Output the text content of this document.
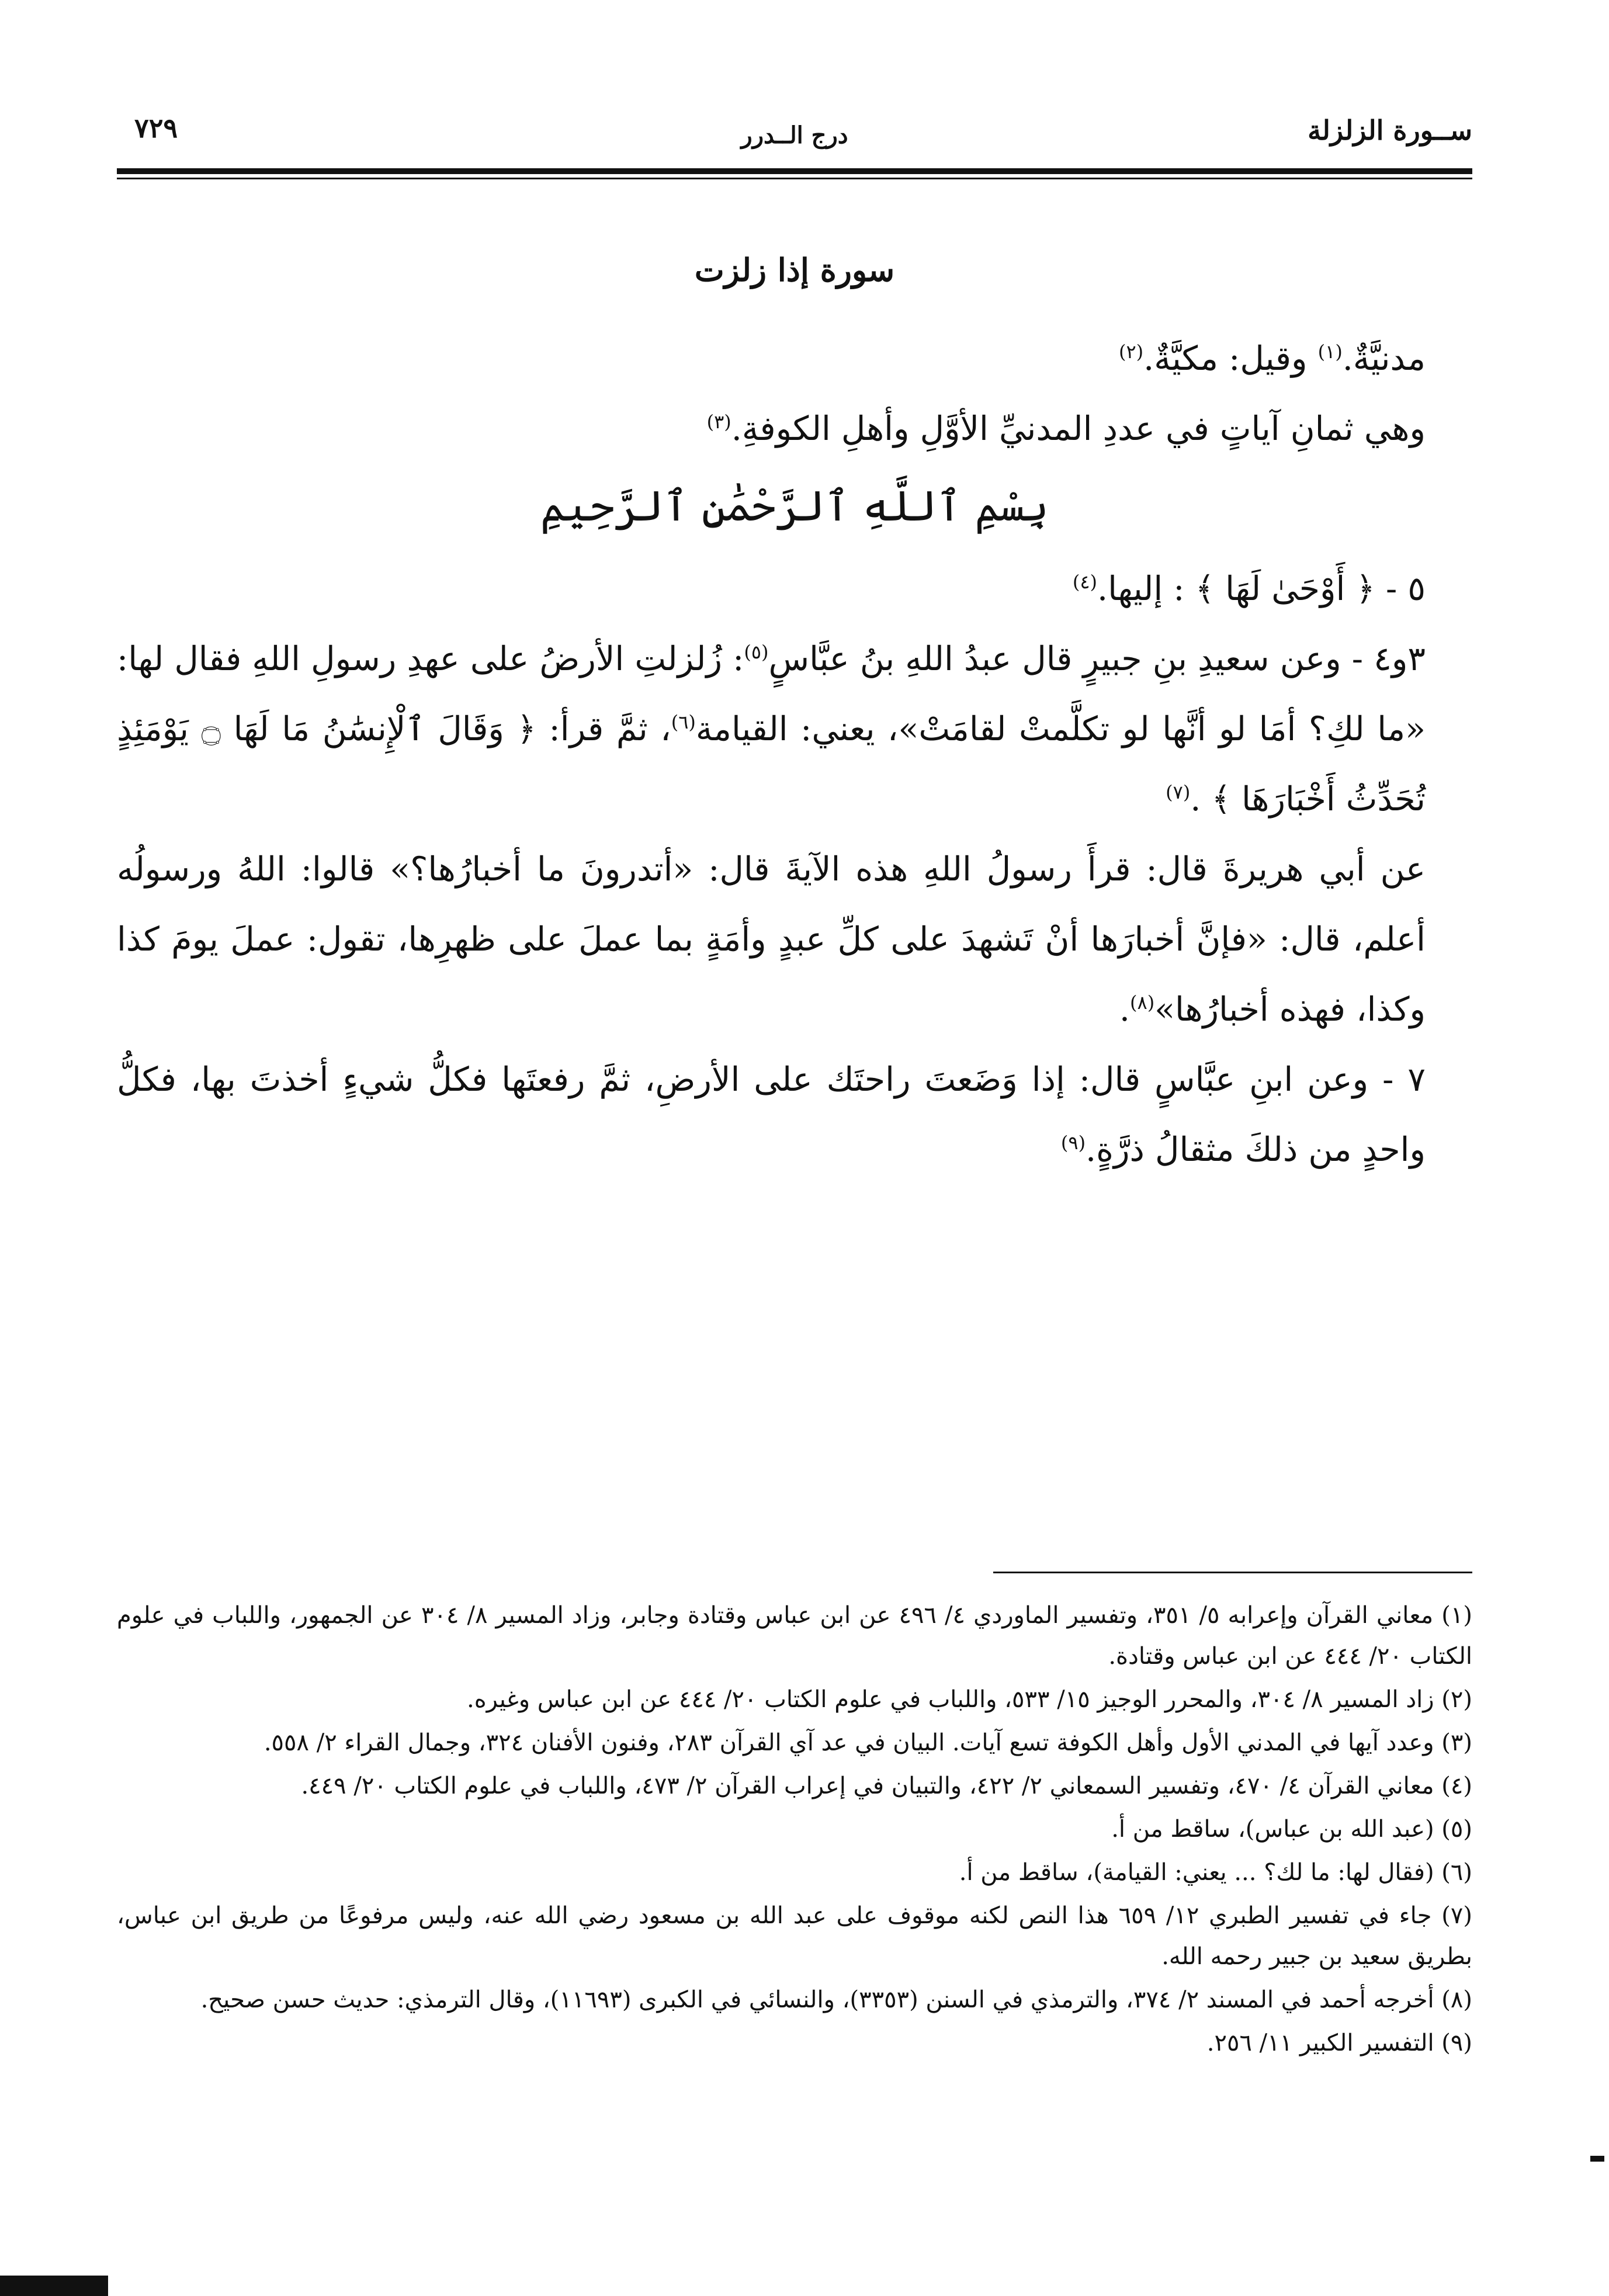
ســورة الزلزلة
درج الــدرر
٧٢٩
سورة إذا زلزت

مدنيَّةٌ.$^{(١)}$ وقيل: مكيَّةٌ.$^{(٢)}$

وهي ثمانِ آياتٍ في عددِ المدنيِّ الأوَّلِ وأهلِ الكوفةِ.$^{(٣)}$

بِسْمِ ٱللَّهِ ٱلرَّحْمَٰنِ ٱلرَّحِيمِ

٥ - ﴿ أَوْحَىٰ لَهَا ﴾ : إليها.$^{(٤)}$

٣و٤ - وعن سعيدِ بنِ جبيرٍ قال عبدُ اللهِ بنُ عبَّاسٍ$^{(٥)}$: زُلزلتِ الأرضُ على عهدِ رسولِ اللهِ فقال لها: «ما لكِ؟ أمَا لو أنَّها لو تكلَّمتْ لقامَتْ»، يعني: القيامة$^{(٦)}$، ثمَّ قرأ: ﴿ وَقَالَ ٱلْإِنسَٰنُ مَا لَهَا ۝ يَوْمَئِذٍ تُحَدِّثُ أَخْبَارَهَا ﴾ .$^{(٧)}$

عن أبي هريرةَ قال: قرأَ رسولُ اللهِ هذه الآيةَ قال: «أتدرونَ ما أخبارُها؟» قالوا: اللهُ ورسولُه أعلم، قال: «فإنَّ أخبارَها أنْ تَشهدَ على كلِّ عبدٍ وأمَةٍ بما عملَ على ظهرِها، تقول: عملَ يومَ كذا وكذا، فهذه أخبارُها»$^{(٨)}$.

٧ - وعن ابنِ عبَّاسٍ قال: إذا وَضَعتَ راحتَك على الأرضِ، ثمَّ رفعتَها فكلُّ شيءٍ أخذتَ بها، فكلُّ واحدٍ من ذلكَ مثقالُ ذرَّةٍ.$^{(٩)}$

(١) معاني القرآن وإعرابه ٥/ ٣٥١، وتفسير الماوردي ٤/ ٤٩٦ عن ابن عباس وقتادة وجابر، وزاد المسير ٨/ ٣٠٤ عن الجمهور، واللباب في علوم الكتاب ٢٠/ ٤٤٤ عن ابن عباس وقتادة.

(٢) زاد المسير ٨/ ٣٠٤، والمحرر الوجيز ١٥/ ٥٣٣، واللباب في علوم الكتاب ٢٠/ ٤٤٤ عن ابن عباس وغيره.

(٣) وعدد آيها في المدني الأول وأهل الكوفة تسع آيات. البيان في عد آي القرآن ٢٨٣، وفنون الأفنان ٣٢٤، وجمال القراء ٢/ ٥٥٨.

(٤) معاني القرآن ٤/ ٤٧٠، وتفسير السمعاني ٢/ ٤٢٢، والتبيان في إعراب القرآن ٢/ ٤٧٣، واللباب في علوم الكتاب ٢٠/ ٤٤٩.

(٥) (عبد الله بن عباس)، ساقط من أ.

(٦) (فقال لها: ما لك؟ ... يعني: القيامة)، ساقط من أ.

(٧) جاء في تفسير الطبري ١٢/ ٦٥٩ هذا النص لكنه موقوف على عبد الله بن مسعود رضي الله عنه، وليس مرفوعًا من طريق ابن عباس، بطريق سعيد بن جبير رحمه الله.

(٨) أخرجه أحمد في المسند ٢/ ٣٧٤، والترمذي في السنن (٣٣٥٣)، والنسائي في الكبرى (١١٦٩٣)، وقال الترمذي: حديث حسن صحيح.

(٩) التفسير الكبير ١١/ ٢٥٦.
